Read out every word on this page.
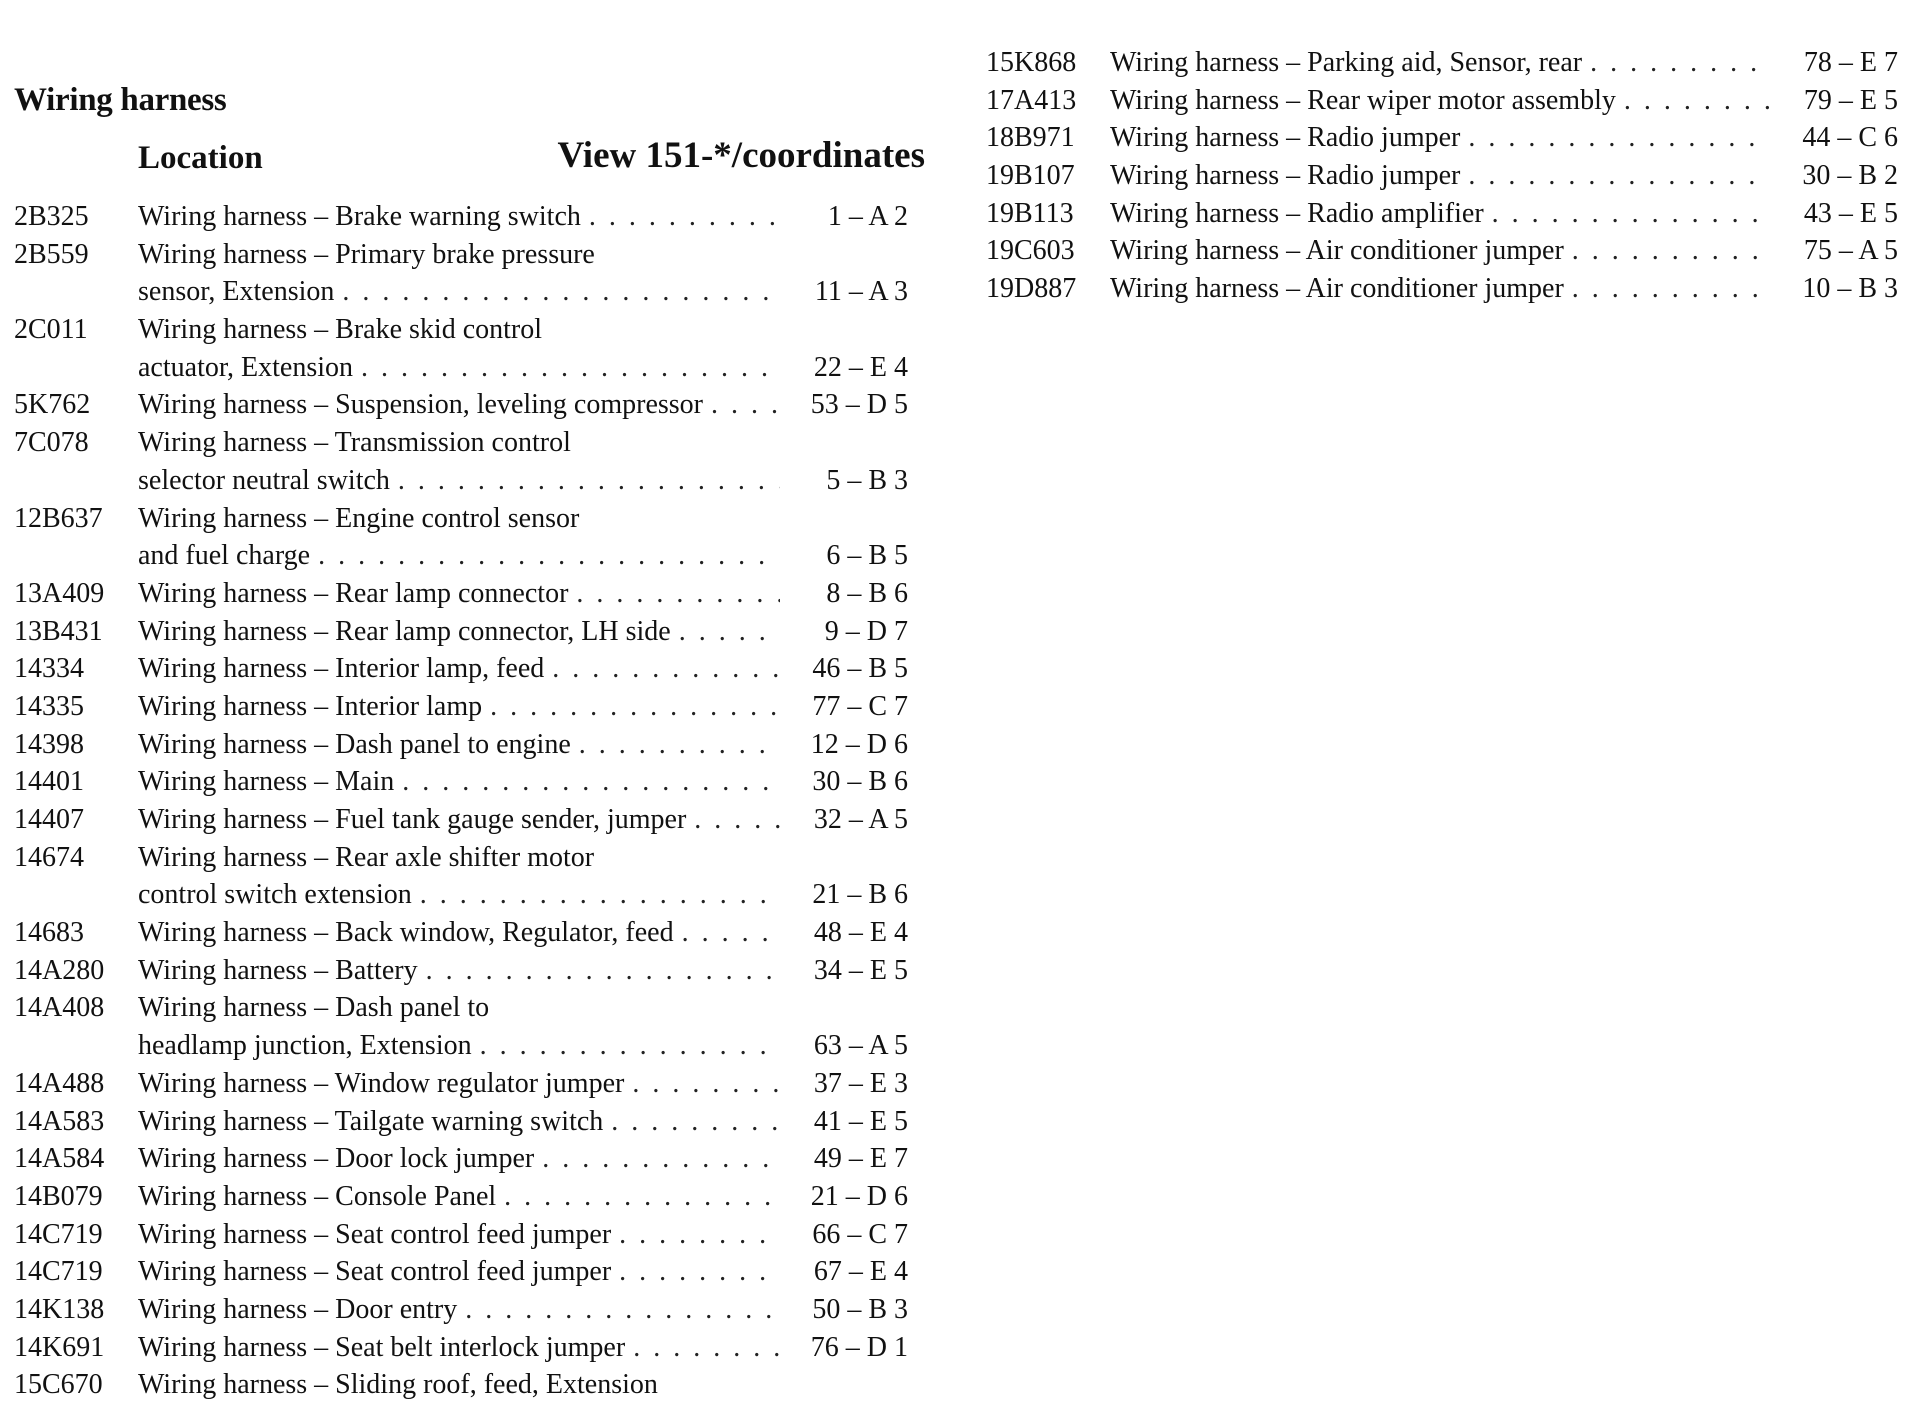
Wiring harness
Location	View 151-*/coordinates
2B325	Wiring harness – Brake warning switch . . .	1 – A 2
2B559	Wiring harness – Primary brake pressure
sensor, Extension . . .	11 – A 3
2C011	Wiring harness – Brake skid control
actuator, Extension . . .	22 – E 4
5K762	Wiring harness – Suspension, leveling compressor . . .	53 – D 5
7C078	Wiring harness – Transmission control
selector neutral switch . . .	5 – B 3
12B637	Wiring harness – Engine control sensor
and fuel charge . . .	6 – B 5
13A409	Wiring harness – Rear lamp connector . . .	8 – B 6
13B431	Wiring harness – Rear lamp connector, LH side . . .	9 – D 7
14334	Wiring harness – Interior lamp, feed . . .	46 – B 5
14335	Wiring harness – Interior lamp . . .	77 – C 7
14398	Wiring harness – Dash panel to engine . . .	12 – D 6
14401	Wiring harness – Main . . .	30 – B 6
14407	Wiring harness – Fuel tank gauge sender, jumper . . .	32 – A 5
14674	Wiring harness – Rear axle shifter motor
control switch extension . . .	21 – B 6
14683	Wiring harness – Back window, Regulator, feed . . .	48 – E 4
14A280	Wiring harness – Battery . . .	34 – E 5
14A408	Wiring harness – Dash panel to
headlamp junction, Extension . . .	63 – A 5
14A488	Wiring harness – Window regulator jumper . . .	37 – E 3
14A583	Wiring harness – Tailgate warning switch . . .	41 – E 5
14A584	Wiring harness – Door lock jumper . . .	49 – E 7
14B079	Wiring harness – Console Panel . . .	21 – D 6
14C719	Wiring harness – Seat control feed jumper . . .	66 – C 7
14C719	Wiring harness – Seat control feed jumper . . .	67 – E 4
14K138	Wiring harness – Door entry . . .	50 – B 3
14K691	Wiring harness – Seat belt interlock jumper . . .	76 – D 1
15C670	Wiring harness – Sliding roof, feed, Extension
15K868	Wiring harness – Parking aid, Sensor, rear . . .	78 – E 7
17A413	Wiring harness – Rear wiper motor assembly . . .	79 – E 5
18B971	Wiring harness – Radio jumper . . .	44 – C 6
19B107	Wiring harness – Radio jumper . . .	30 – B 2
19B113	Wiring harness – Radio amplifier . . .	43 – E 5
19C603	Wiring harness – Air conditioner jumper . . .	75 – A 5
19D887	Wiring harness – Air conditioner jumper . . .	10 – B 3
